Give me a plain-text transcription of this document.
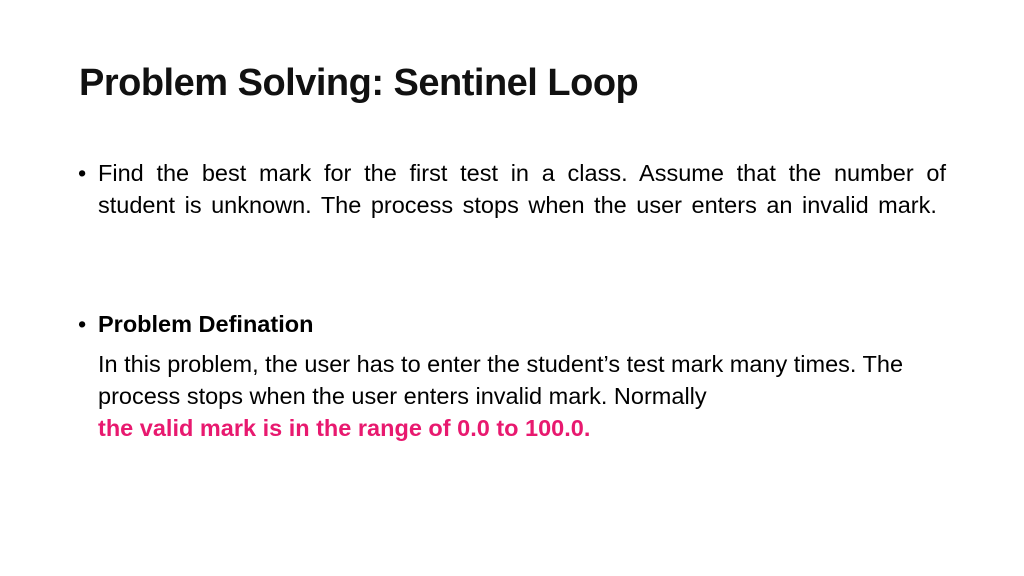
Problem Solving: Sentinel Loop
• Find the best mark for the first test in a class. Assume that the number of student is unknown. The process stops when the user enters an invalid mark.
• Problem Defination
In this problem, the user has to enter the student’s test mark many times. The process stops when the user enters invalid mark. Normally
the valid mark is in the range of 0.0 to 100.0.
